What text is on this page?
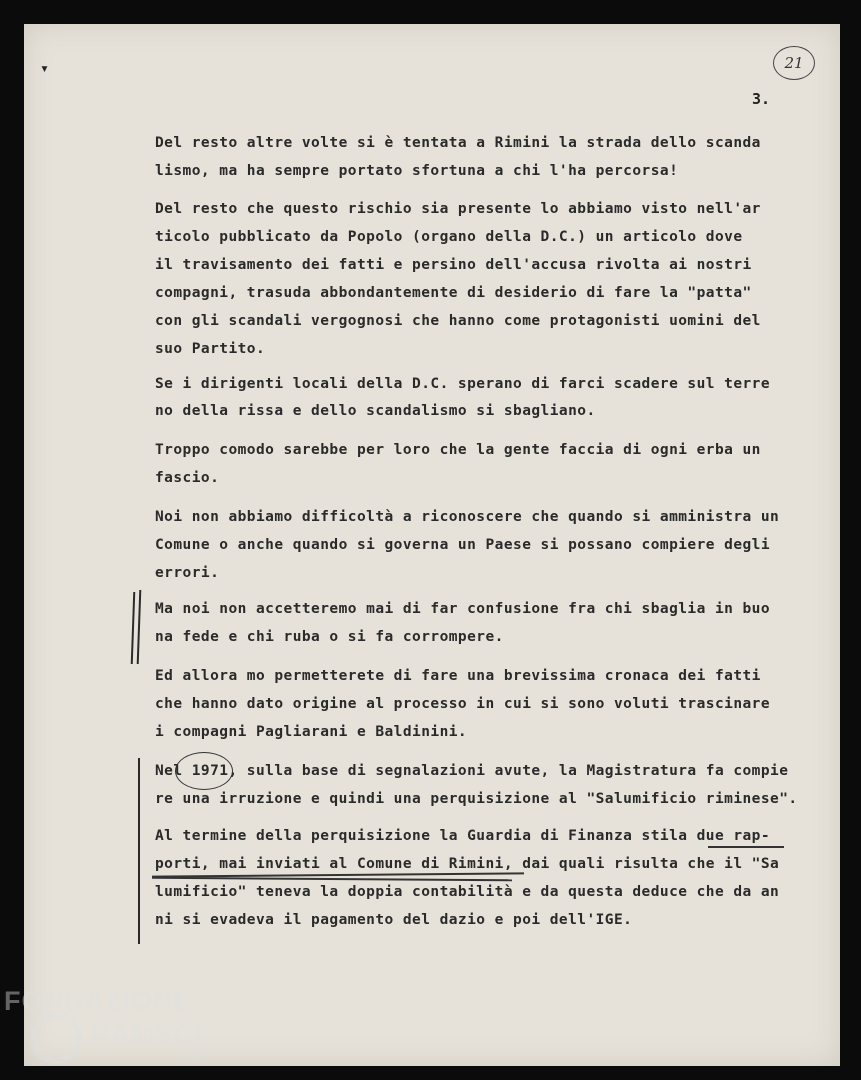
▾	21
3.
Del resto altre volte si è tentata a Rimini la strada dello scanda
lismo, ma ha sempre portato sfortuna a chi l'ha percorsa!
Del resto che questo rischio sia presente lo abbiamo visto nell'ar
ticolo pubblicato da Popolo (organo della D.C.) un articolo dove
il travisamento dei fatti e persino dell'accusa rivolta ai nostri
compagni, trasuda abbondantemente di desiderio di fare la "patta"
con gli scandali vergognosi che hanno come protagonisti uomini del
suo Partito.
Se i dirigenti locali della D.C. sperano di farci scadere sul terre
no della rissa e dello scandalismo si sbagliano.
Troppo comodo sarebbe per loro che la gente faccia di ogni erba un
fascio.
Noi non abbiamo difficoltà a riconoscere che quando si amministra un
Comune o anche quando si governa un Paese si possano compiere degli
errori.
Ma noi non accetteremo mai di far confusione fra chi sbaglia in buo
na fede e chi ruba o si fa corrompere.
Ed allora mo permetterete di fare una brevissima cronaca dei fatti
che hanno dato origine al processo in cui si sono voluti trascinare
i compagni Pagliarani e Baldinini.
Nel 1971, sulla base di segnalazioni avute, la Magistratura fa compie
re una irruzione e quindi una perquisizione al "Salumificio riminese".
Al termine della perquisizione la Guardia di Finanza stila due rap-
porti, mai inviati al Comune di Rimini, dai quali risulta che il "Sa
lumificio" teneva la doppia contabilità e da questa deduce che da an
ni si evadeva il pagamento del dazio e poi dell'IGE.
FONDAZIONE
RAMSCI
onlus
